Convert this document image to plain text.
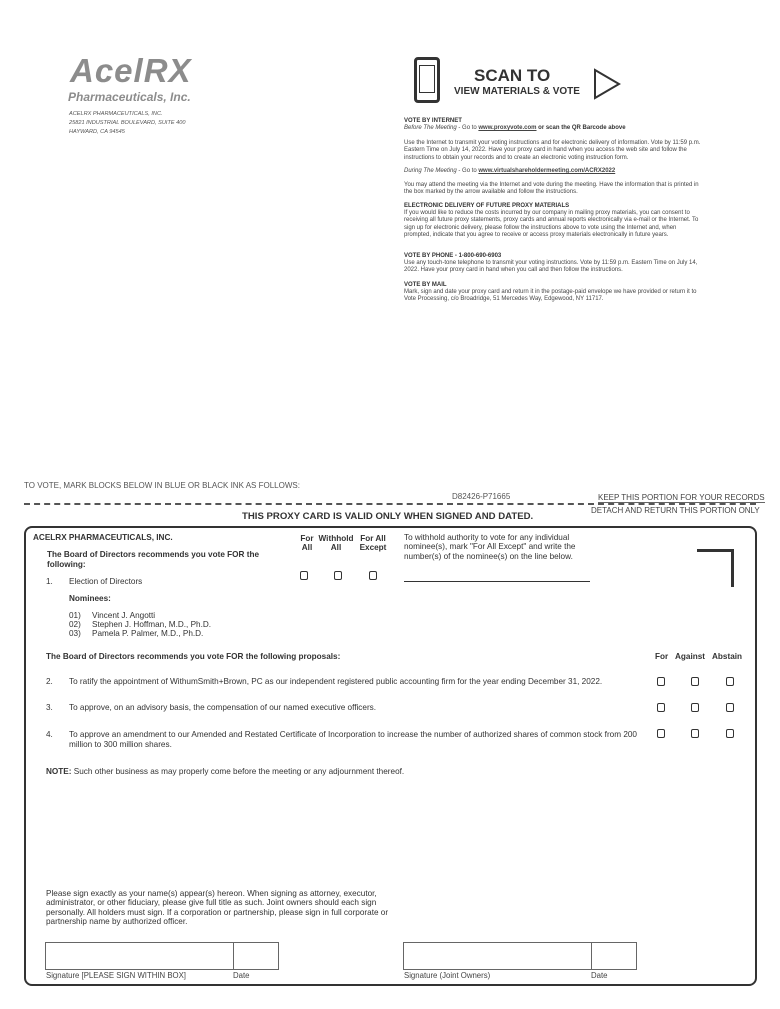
AcelRX
Pharmaceuticals, Inc.
ACELRX PHARMACEUTICALS, INC.
25821 INDUSTRIAL BOULEVARD, SUITE 400
HAYWARD, CA 94545
SCAN TO
VIEW MATERIALS & VOTE
VOTE BY INTERNET
Before The Meeting - Go to www.proxyvote.com or scan the QR Barcode above
Use the Internet to transmit your voting instructions and for electronic delivery of information. Vote by 11:59 p.m. Eastern Time on July 14, 2022. Have your proxy card in hand when you access the web site and follow the instructions to obtain your records and to create an electronic voting instruction form.
During The Meeting - Go to www.virtualshareholdermeeting.com/ACRX2022
You may attend the meeting via the Internet and vote during the meeting. Have the information that is printed in the box marked by the arrow available and follow the instructions.
ELECTRONIC DELIVERY OF FUTURE PROXY MATERIALS
If you would like to reduce the costs incurred by our company in mailing proxy materials, you can consent to receiving all future proxy statements, proxy cards and annual reports electronically via e-mail or the Internet. To sign up for electronic delivery, please follow the instructions above to vote using the Internet and, when prompted, indicate that you agree to receive or access proxy materials electronically in future years.
VOTE BY PHONE - 1-800-690-6903
Use any touch-tone telephone to transmit your voting instructions. Vote by 11:59 p.m. Eastern Time on July 14, 2022. Have your proxy card in hand when you call and then follow the instructions.
VOTE BY MAIL
Mark, sign and date your proxy card and return it in the postage-paid envelope we have provided or return it to Vote Processing, c/o Broadridge, 51 Mercedes Way, Edgewood, NY 11717.
TO VOTE, MARK BLOCKS BELOW IN BLUE OR BLACK INK AS FOLLOWS:
D82426-P71665	KEEP THIS PORTION FOR YOUR RECORDS
THIS PROXY CARD IS VALID ONLY WHEN SIGNED AND DATED.
DETACH AND RETURN THIS PORTION ONLY
ACELRX PHARMACEUTICALS, INC.
The Board of Directors recommends you vote FOR the following:
For All
Withhold All
For All Except
To withhold authority to vote for any individual nominee(s), mark "For All Except" and write the number(s) of the nominee(s) on the line below.
1. Election of Directors
Nominees:
01) Vincent J. Angotti
02) Stephen J. Hoffman, M.D., Ph.D.
03) Pamela P. Palmer, M.D., Ph.D.
The Board of Directors recommends you vote FOR the following proposals:	For Against Abstain
2. To ratify the appointment of WithumSmith+Brown, PC as our independent registered public accounting firm for the year ending December 31, 2022.
3. To approve, on an advisory basis, the compensation of our named executive officers.
4. To approve an amendment to our Amended and Restated Certificate of Incorporation to increase the number of authorized shares of common stock from 200 million to 300 million shares.
NOTE: Such other business as may properly come before the meeting or any adjournment thereof.
Please sign exactly as your name(s) appear(s) hereon. When signing as attorney, executor, administrator, or other fiduciary, please give full title as such. Joint owners should each sign personally. All holders must sign. If a corporation or partnership, please sign in full corporate or partnership name by authorized officer.
Signature [PLEASE SIGN WITHIN BOX]	Date	Signature (Joint Owners)	Date
